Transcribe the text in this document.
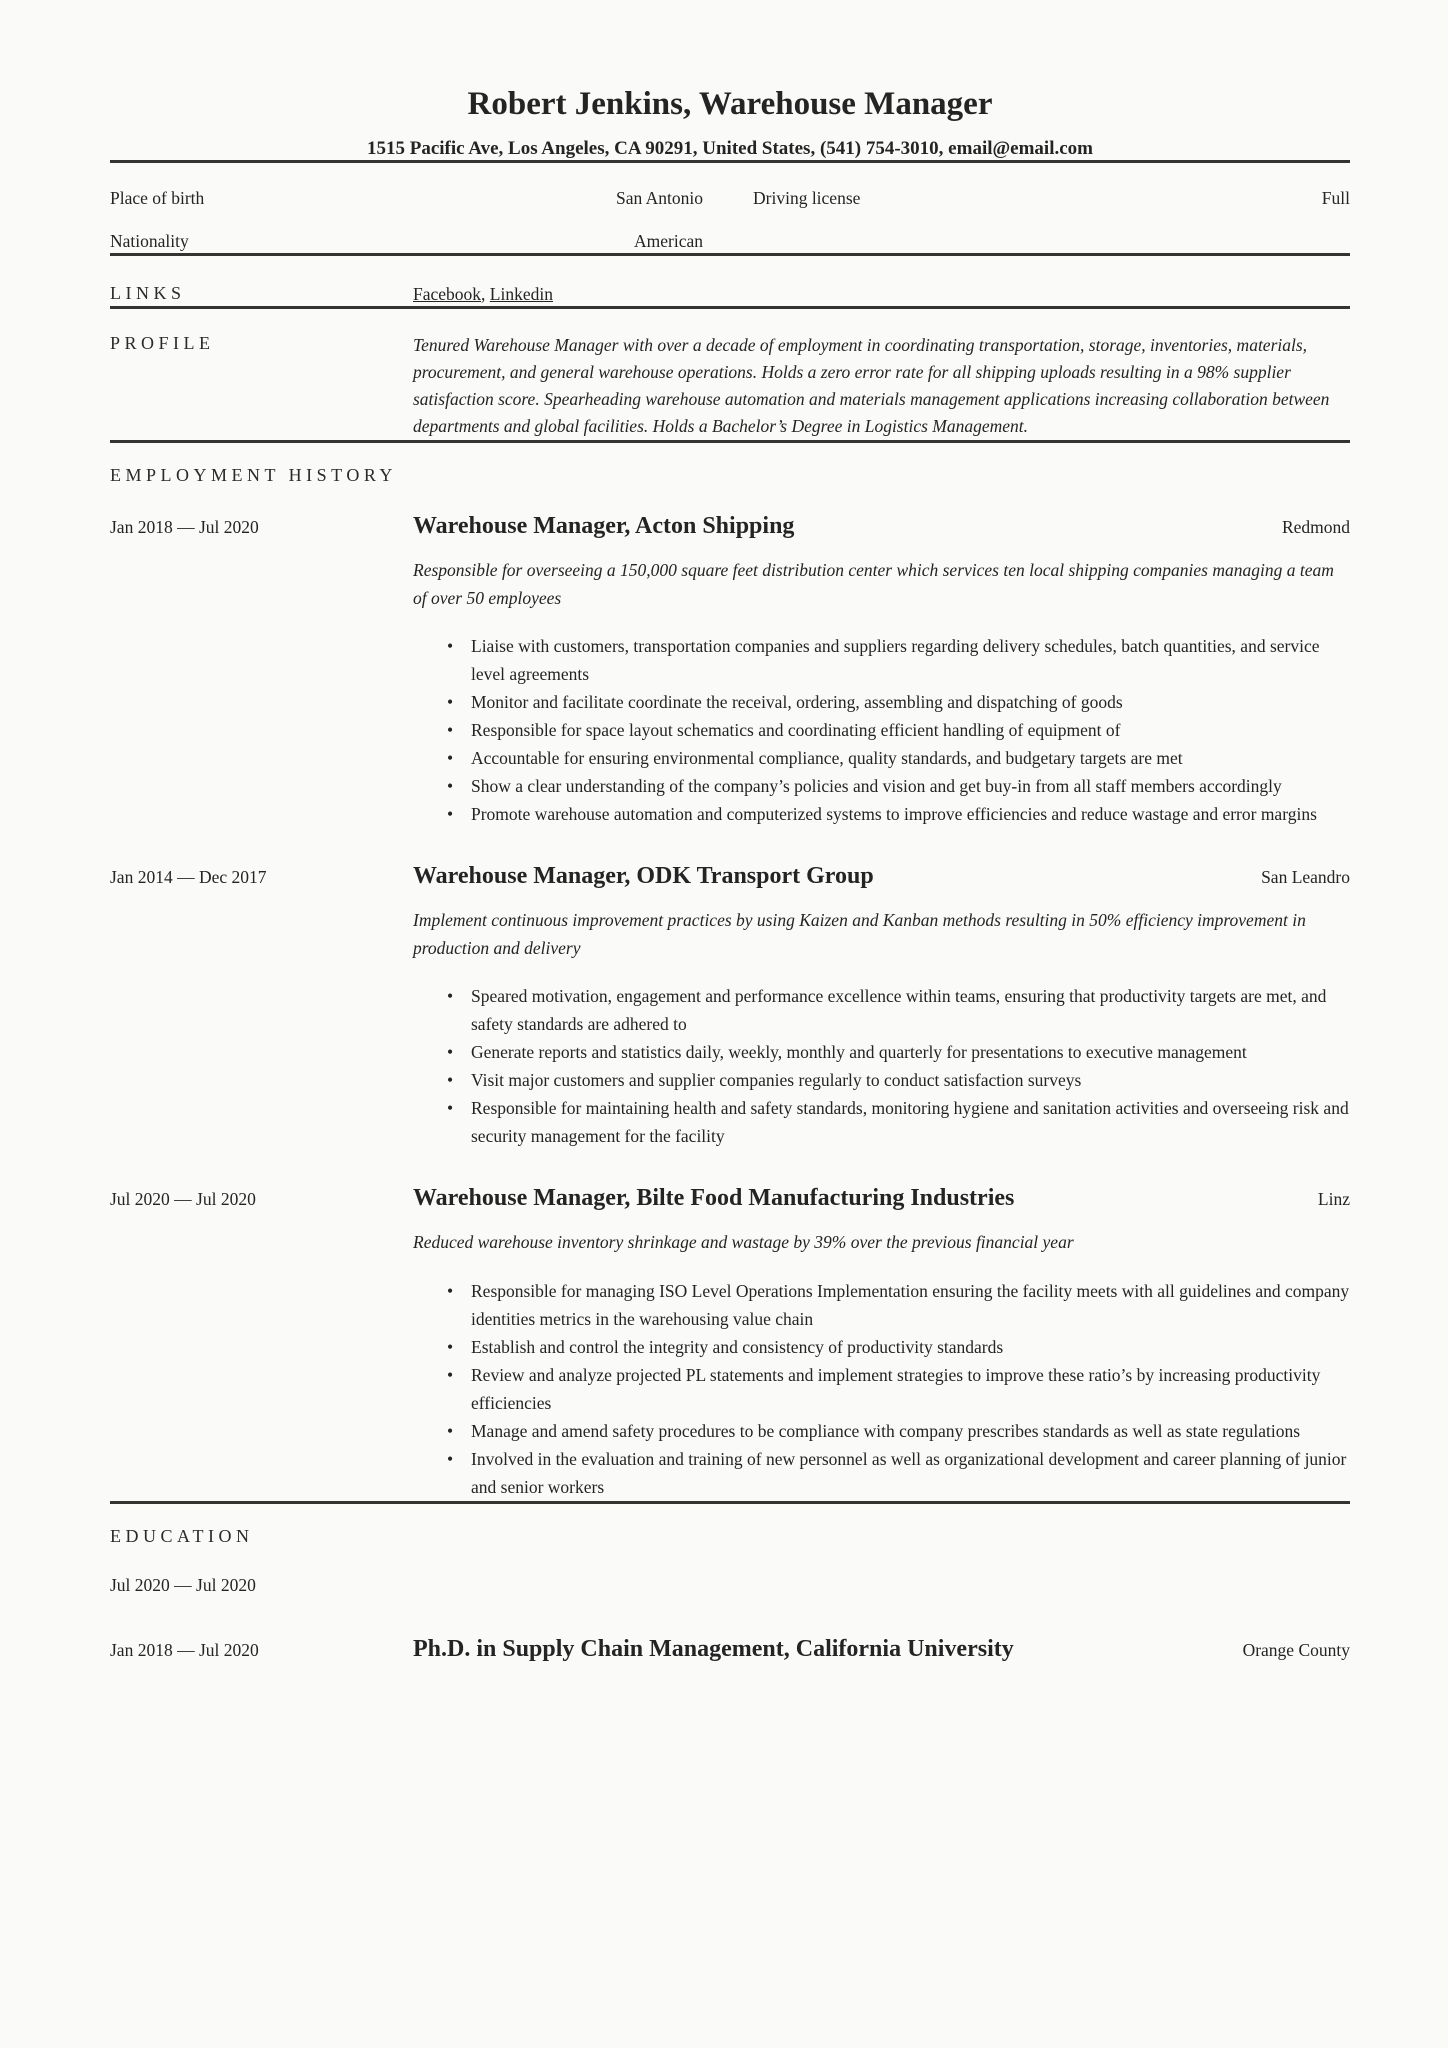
Robert Jenkins, Warehouse Manager
1515 Pacific Ave, Los Angeles, CA 90291, United States, (541) 754-3010, email@email.com
Place of birth	San Antonio	Driving license	Full
Nationality	American
LINKS	Facebook, Linkedin
PROFILE	Tenured Warehouse Manager with over a decade of employment in coordinating transportation, storage, inventories, materials, procurement, and general warehouse operations. Holds a zero error rate for all shipping uploads resulting in a 98% supplier satisfaction score. Spearheading warehouse automation and materials management applications increasing collaboration between departments and global facilities. Holds a Bachelor’s Degree in Logistics Management.
EMPLOYMENT HISTORY
Jan 2018 — Jul 2020	Warehouse Manager, Acton Shipping	Redmond
Responsible for overseeing a 150,000 square feet distribution center which services ten local shipping companies managing a team of over 50 employees
• Liaise with customers, transportation companies and suppliers regarding delivery schedules, batch quantities, and service level agreements
• Monitor and facilitate coordinate the receival, ordering, assembling and dispatching of goods
• Responsible for space layout schematics and coordinating efficient handling of equipment of
• Accountable for ensuring environmental compliance, quality standards, and budgetary targets are met
• Show a clear understanding of the company’s policies and vision and get buy-in from all staff members accordingly
• Promote warehouse automation and computerized systems to improve efficiencies and reduce wastage and error margins
Jan 2014 — Dec 2017	Warehouse Manager, ODK Transport Group	San Leandro
Implement continuous improvement practices by using Kaizen and Kanban methods resulting in 50% efficiency improvement in production and delivery
• Speared motivation, engagement and performance excellence within teams, ensuring that productivity targets are met, and safety standards are adhered to
• Generate reports and statistics daily, weekly, monthly and quarterly for presentations to executive management
• Visit major customers and supplier companies regularly to conduct satisfaction surveys
• Responsible for maintaining health and safety standards, monitoring hygiene and sanitation activities and overseeing risk and security management for the facility
Jul 2020 — Jul 2020	Warehouse Manager, Bilte Food Manufacturing Industries	Linz
Reduced warehouse inventory shrinkage and wastage by 39% over the previous financial year
• Responsible for managing ISO Level Operations Implementation ensuring the facility meets with all guidelines and company identities metrics in the warehousing value chain
• Establish and control the integrity and consistency of productivity standards
• Review and analyze projected PL statements and implement strategies to improve these ratio’s by increasing productivity efficiencies
• Manage and amend safety procedures to be compliance with company prescribes standards as well as state regulations
• Involved in the evaluation and training of new personnel as well as organizational development and career planning of junior and senior workers
EDUCATION
Jul 2020 — Jul 2020
Jan 2018 — Jul 2020	Ph.D. in Supply Chain Management, California University	Orange County
